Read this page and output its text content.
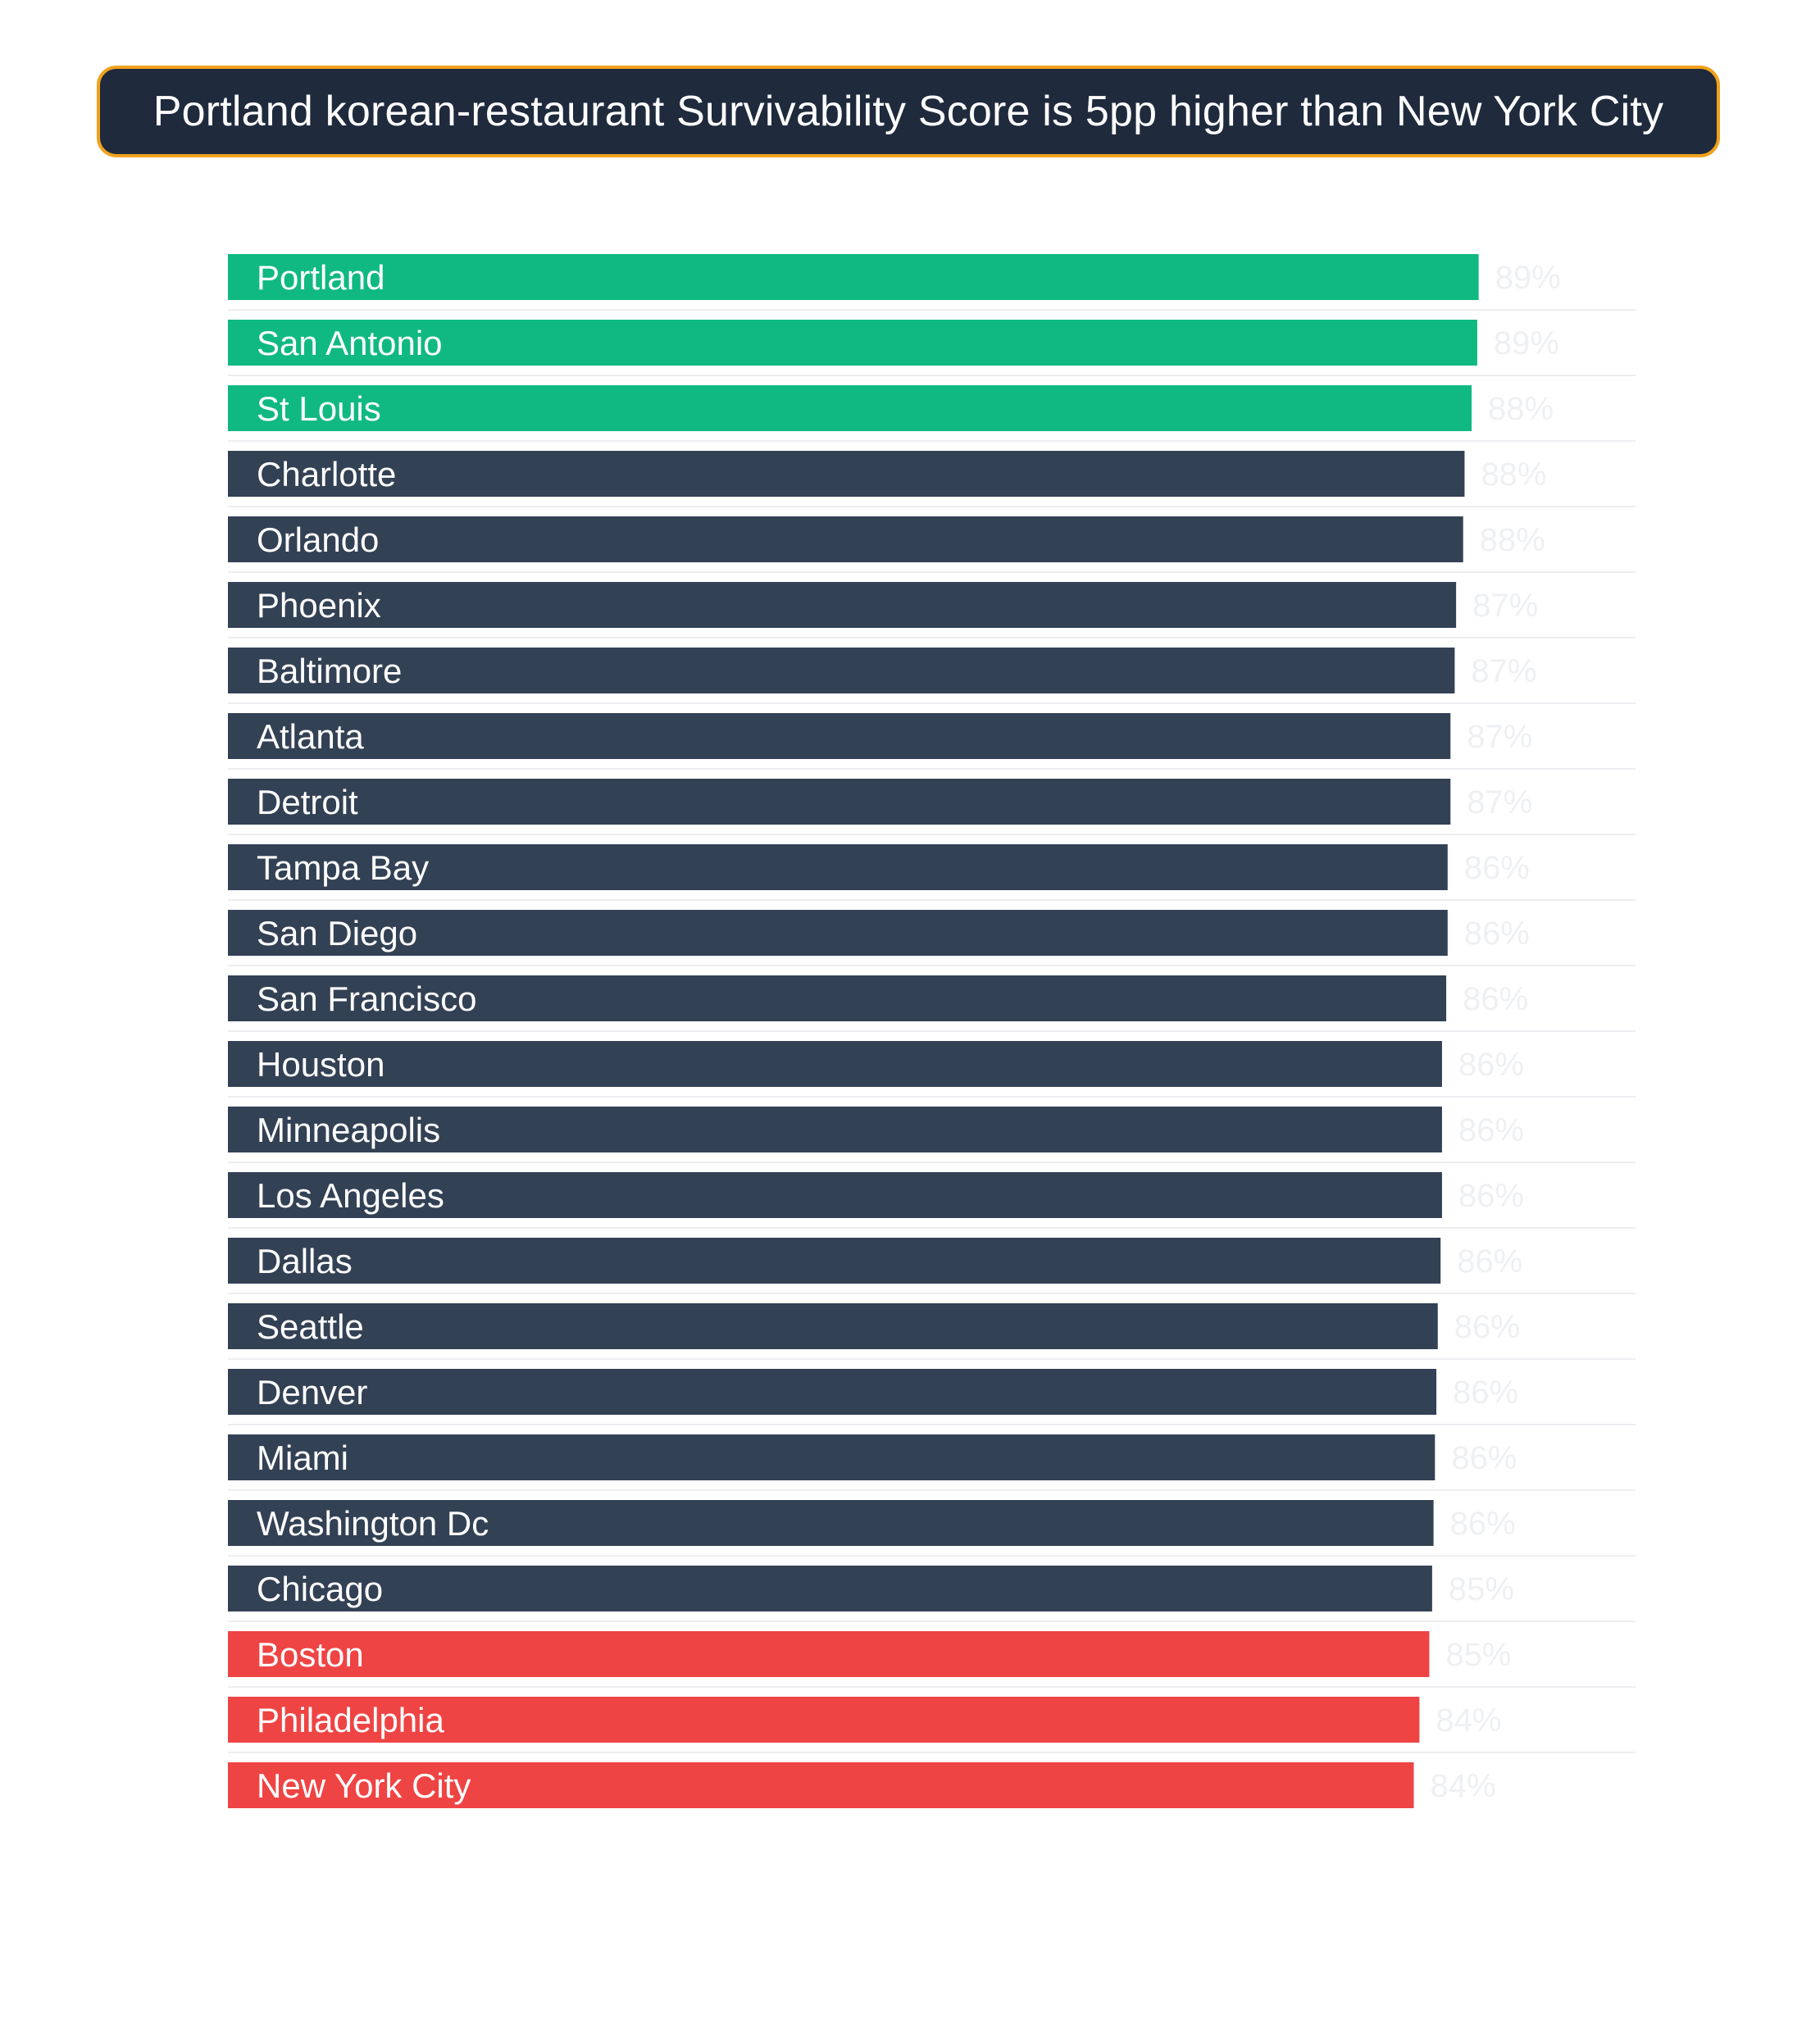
Portland korean-restaurant Survivability Score is 5pp higher than New York City
Portland	89%
San Antonio	89%
St Louis	88%
Charlotte	88%
Orlando	88%
Phoenix	87%
Baltimore	87%
Atlanta	87%
Detroit	87%
Tampa Bay	86%
San Diego	86%
San Francisco	86%
Houston	86%
Minneapolis	86%
Los Angeles	86%
Dallas	86%
Seattle	86%
Denver	86%
Miami	86%
Washington Dc	86%
Chicago	85%
Boston	85%
Philadelphia	84%
New York City	84%
